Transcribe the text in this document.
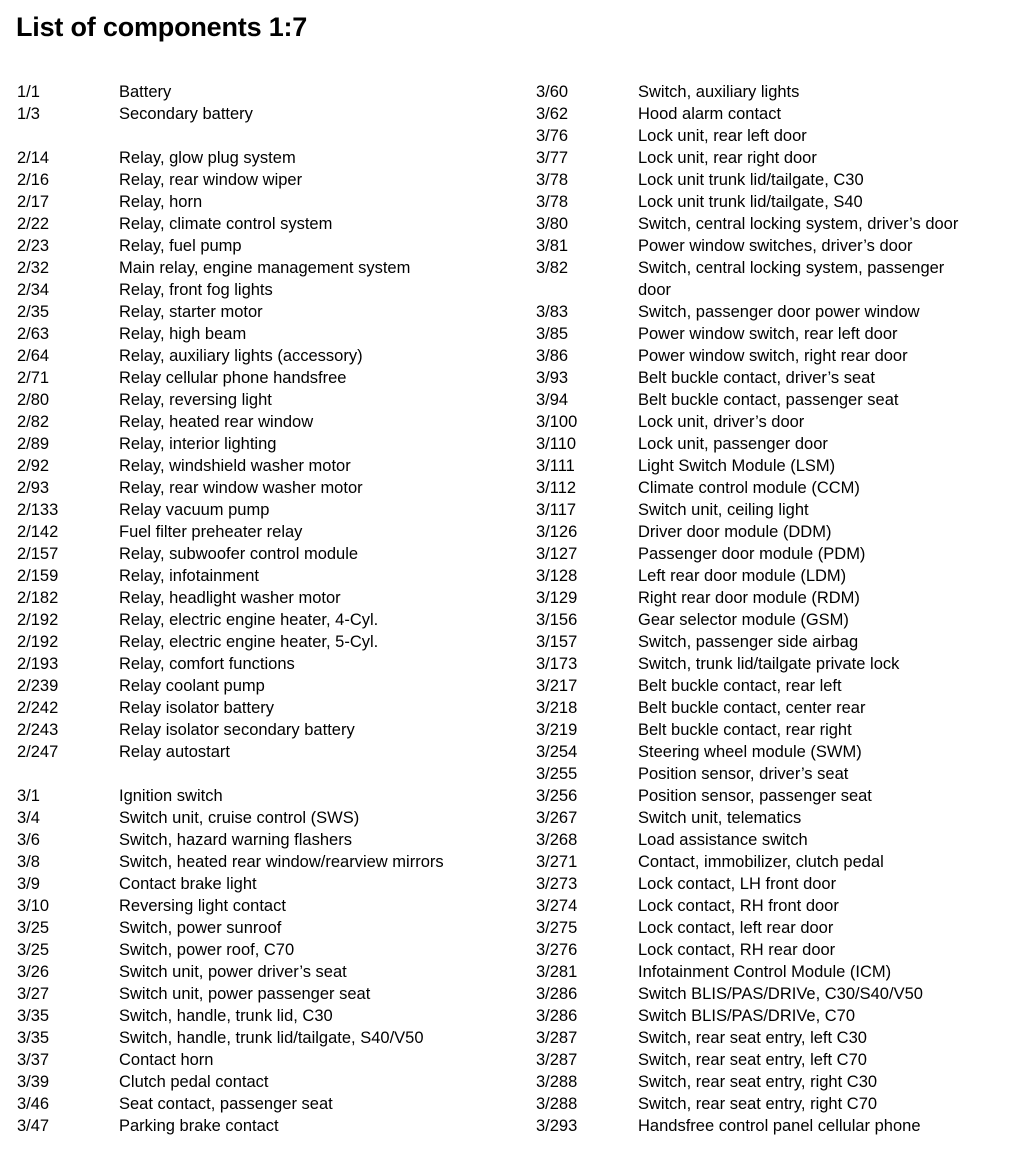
List of components 1:7
1/1	Battery
1/3	Secondary battery
2/14	Relay, glow plug system
2/16	Relay, rear window wiper
2/17	Relay, horn
2/22	Relay, climate control system
2/23	Relay, fuel pump
2/32	Main relay, engine management system
2/34	Relay, front fog lights
2/35	Relay, starter motor
2/63	Relay, high beam
2/64	Relay, auxiliary lights (accessory)
2/71	Relay cellular phone handsfree
2/80	Relay, reversing light
2/82	Relay, heated rear window
2/89	Relay, interior lighting
2/92	Relay, windshield washer motor
2/93	Relay, rear window washer motor
2/133	Relay vacuum pump
2/142	Fuel filter preheater relay
2/157	Relay, subwoofer control module
2/159	Relay, infotainment
2/182	Relay, headlight washer motor
2/192	Relay, electric engine heater, 4-Cyl.
2/192	Relay, electric engine heater, 5-Cyl.
2/193	Relay, comfort functions
2/239	Relay coolant pump
2/242	Relay isolator battery
2/243	Relay isolator secondary battery
2/247	Relay autostart
3/1	Ignition switch
3/4	Switch unit, cruise control (SWS)
3/6	Switch, hazard warning flashers
3/8	Switch, heated rear window/rearview mirrors
3/9	Contact brake light
3/10	Reversing light contact
3/25	Switch, power sunroof
3/25	Switch, power roof, C70
3/26	Switch unit, power driver’s seat
3/27	Switch unit, power passenger seat
3/35	Switch, handle, trunk lid, C30
3/35	Switch, handle, trunk lid/tailgate, S40/V50
3/37	Contact horn
3/39	Clutch pedal contact
3/46	Seat contact, passenger seat
3/47	Parking brake contact
3/60	Switch, auxiliary lights
3/62	Hood alarm contact
3/76	Lock unit, rear left door
3/77	Lock unit, rear right door
3/78	Lock unit trunk lid/tailgate, C30
3/78	Lock unit trunk lid/tailgate, S40
3/80	Switch, central locking system, driver’s door
3/81	Power window switches, driver’s door
3/82	Switch, central locking system, passenger
door
3/83	Switch, passenger door power window
3/85	Power window switch, rear left door
3/86	Power window switch, right rear door
3/93	Belt buckle contact, driver’s seat
3/94	Belt buckle contact, passenger seat
3/100	Lock unit, driver’s door
3/110	Lock unit, passenger door
3/111	Light Switch Module (LSM)
3/112	Climate control module (CCM)
3/117	Switch unit, ceiling light
3/126	Driver door module (DDM)
3/127	Passenger door module (PDM)
3/128	Left rear door module (LDM)
3/129	Right rear door module (RDM)
3/156	Gear selector module (GSM)
3/157	Switch, passenger side airbag
3/173	Switch, trunk lid/tailgate private lock
3/217	Belt buckle contact, rear left
3/218	Belt buckle contact, center rear
3/219	Belt buckle contact, rear right
3/254	Steering wheel module (SWM)
3/255	Position sensor, driver’s seat
3/256	Position sensor, passenger seat
3/267	Switch unit, telematics
3/268	Load assistance switch
3/271	Contact, immobilizer, clutch pedal
3/273	Lock contact, LH front door
3/274	Lock contact, RH front door
3/275	Lock contact, left rear door
3/276	Lock contact, RH rear door
3/281	Infotainment Control Module (ICM)
3/286	Switch BLIS/PAS/DRIVe, C30/S40/V50
3/286	Switch BLIS/PAS/DRIVe, C70
3/287	Switch, rear seat entry, left C30
3/287	Switch, rear seat entry, left C70
3/288	Switch, rear seat entry, right C30
3/288	Switch, rear seat entry, right C70
3/293	Handsfree control panel cellular phone
